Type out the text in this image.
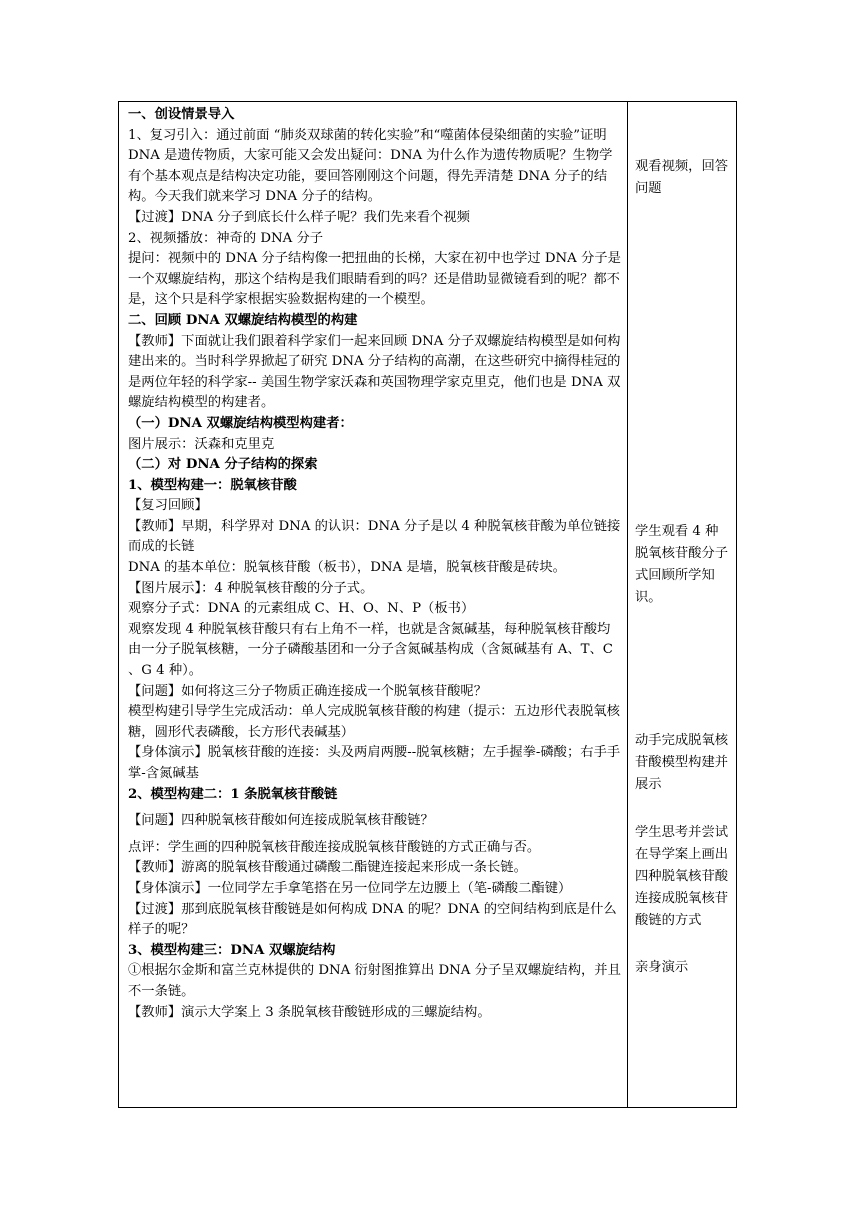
一、创设情景导入

1、复习引入：通过前面 “肺炎双球菌的转化实验”和“噬菌体侵染细菌的实验”证明 DNA 是遗传物质，大家可能又会发出疑问：DNA 为什么作为遗传物质呢？生物学有个基本观点是结构决定功能，要回答刚刚这个问题，得先弄清楚 DNA 分子的结构。今天我们就来学习 DNA 分子的结构。

【过渡】DNA 分子到底长什么样子呢？我们先来看个视频

2、视频播放：神奇的 DNA 分子

提问：视频中的 DNA 分子结构像一把扭曲的长梯，大家在初中也学过 DNA 分子是一个双螺旋结构，那这个结构是我们眼睛看到的吗？还是借助显微镜看到的呢？都不是，这个只是科学家根据实验数据构建的一个模型。

二、回顾 DNA 双螺旋结构模型的构建

【教师】下面就让我们跟着科学家们一起来回顾 DNA 分子双螺旋结构模型是如何构建出来的。当时科学界掀起了研究 DNA 分子结构的高潮，在这些研究中摘得桂冠的是两位年轻的科学家-- 美国生物学家沃森和英国物理学家克里克，他们也是 DNA 双螺旋结构模型的构建者。

（一）DNA 双螺旋结构模型构建者：

图片展示：沃森和克里克

（二）对 DNA 分子结构的探索

1、模型构建一：脱氧核苷酸

【复习回顾】

【教师】早期，科学界对 DNA 的认识：DNA 分子是以 4 种脱氧核苷酸为单位链接而成的长链

DNA 的基本单位：脱氧核苷酸（板书），DNA 是墙，脱氧核苷酸是砖块。

【图片展示】：4 种脱氧核苷酸的分子式。

观察分子式：DNA 的元素组成 C、H、O、N、P（板书）

观察发现 4 种脱氧核苷酸只有右上角不一样，也就是含氮碱基，每种脱氧核苷酸均由一分子脱氧核糖，一分子磷酸基团和一分子含氮碱基构成（含氮碱基有 A、T、C 、G 4 种）。

【问题】如何将这三分子物质正确连接成一个脱氧核苷酸呢？

模型构建引导学生完成活动：单人完成脱氧核苷酸的构建（提示：五边形代表脱氧核糖，圆形代表磷酸，长方形代表碱基）

【身体演示】脱氧核苷酸的连接：头及两肩两腰--脱氧核糖；左手握拳-磷酸；右手手掌-含氮碱基

2、模型构建二：1 条脱氧核苷酸链

【问题】四种脱氧核苷酸如何连接成脱氧核苷酸链？

点评：学生画的四种脱氧核苷酸连接成脱氧核苷酸链的方式正确与否。

【教师】游离的脱氧核苷酸通过磷酸二酯键连接起来形成一条长链。

【身体演示】一位同学左手拿笔搭在另一位同学左边腰上（笔-磷酸二酯键）

【过渡】那到底脱氧核苷酸链是如何构成 DNA 的呢？DNA 的空间结构到底是什么样子的呢？

3、模型构建三：DNA 双螺旋结构

①根据尔金斯和富兰克林提供的 DNA 衍射图推算出 DNA 分子呈双螺旋结构，并且不一条链。

【教师】演示大学案上 3 条脱氧核苷酸链形成的三螺旋结构。

观看视频，回答问题

学生观看 4 种脱氧核苷酸分子式回顾所学知识。

动手完成脱氧核苷酸模型构建并展示

学生思考并尝试在导学案上画出四种脱氧核苷酸连接成脱氧核苷酸链的方式

亲身演示
